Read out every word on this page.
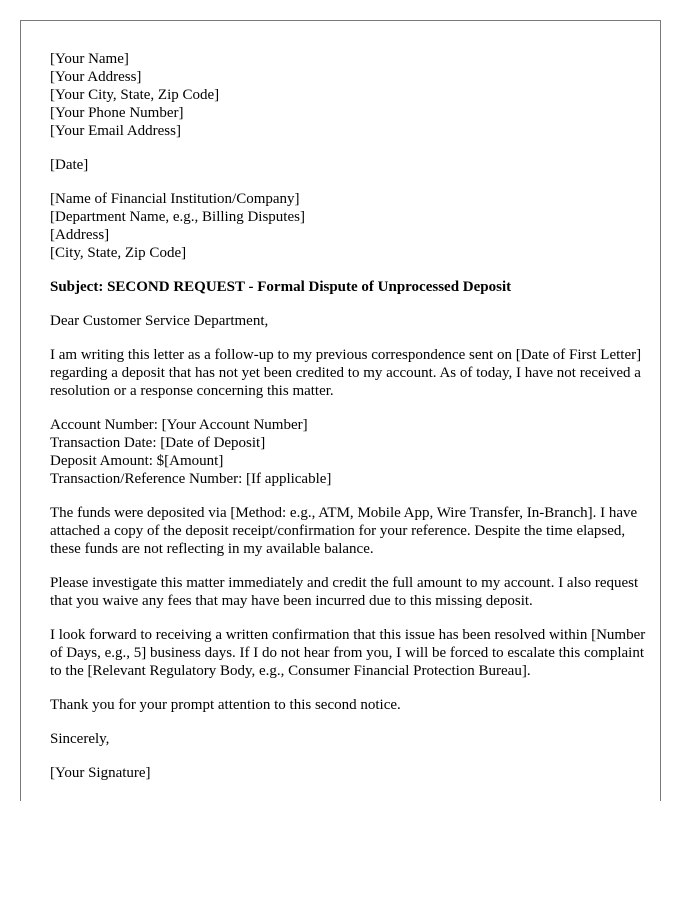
[Your Name]
[Your Address]
[Your City, State, Zip Code]
[Your Phone Number]
[Your Email Address]
[Date]
[Name of Financial Institution/Company]
[Department Name, e.g., Billing Disputes]
[Address]
[City, State, Zip Code]

Subject: SECOND REQUEST - Formal Dispute of Unprocessed Deposit

Dear Customer Service Department,

I am writing this letter as a follow-up to my previous correspondence sent on [Date of First Letter] regarding a deposit that has not yet been credited to my account. As of today, I have not received a resolution or a response concerning this matter.

Account Number: [Your Account Number]
Transaction Date: [Date of Deposit]
Deposit Amount: $[Amount]
Transaction/Reference Number: [If applicable]

The funds were deposited via [Method: e.g., ATM, Mobile App, Wire Transfer, In-Branch]. I have attached a copy of the deposit receipt/confirmation for your reference. Despite the time elapsed, these funds are not reflecting in my available balance.

Please investigate this matter immediately and credit the full amount to my account. I also request that you waive any fees that may have been incurred due to this missing deposit.

I look forward to receiving a written confirmation that this issue has been resolved within [Number of Days, e.g., 5] business days. If I do not hear from you, I will be forced to escalate this complaint to the [Relevant Regulatory Body, e.g., Consumer Financial Protection Bureau].

Thank you for your prompt attention to this second notice.

Sincerely,

[Your Signature]
